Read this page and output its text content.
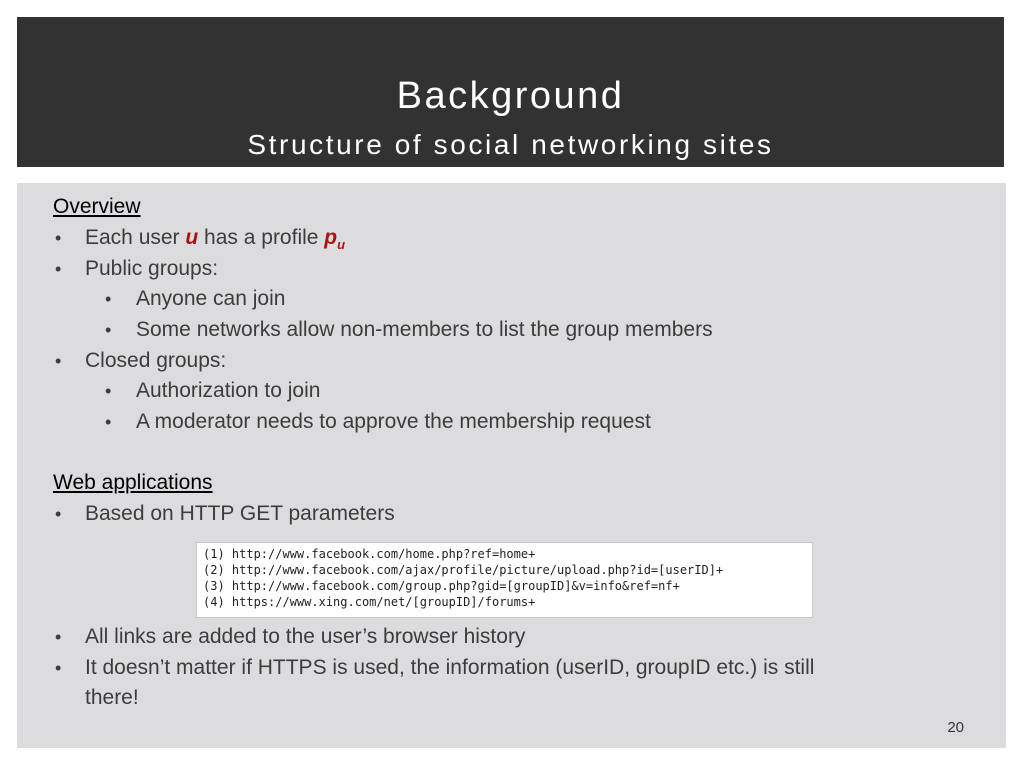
Background
Structure of social networking sites
Overview
• Each user u has a profile $p_u$
• Public groups:
• Anyone can join
• Some networks allow non-members to list the group members
• Closed groups:
• Authorization to join
• A moderator needs to approve the membership request
Web applications
• Based on HTTP GET parameters
(1) http://www.facebook.com/home.php?ref=home+
(2) http://www.facebook.com/ajax/profile/picture/upload.php?id=[userID]+
(3) http://www.facebook.com/group.php?gid=[groupID]&v=info&ref=nf+
(4) https://www.xing.com/net/[groupID]/forums+
• All links are added to the user’s browser history
• It doesn’t matter if HTTPS is used, the information (userID, groupID etc.) is still
there!
20
